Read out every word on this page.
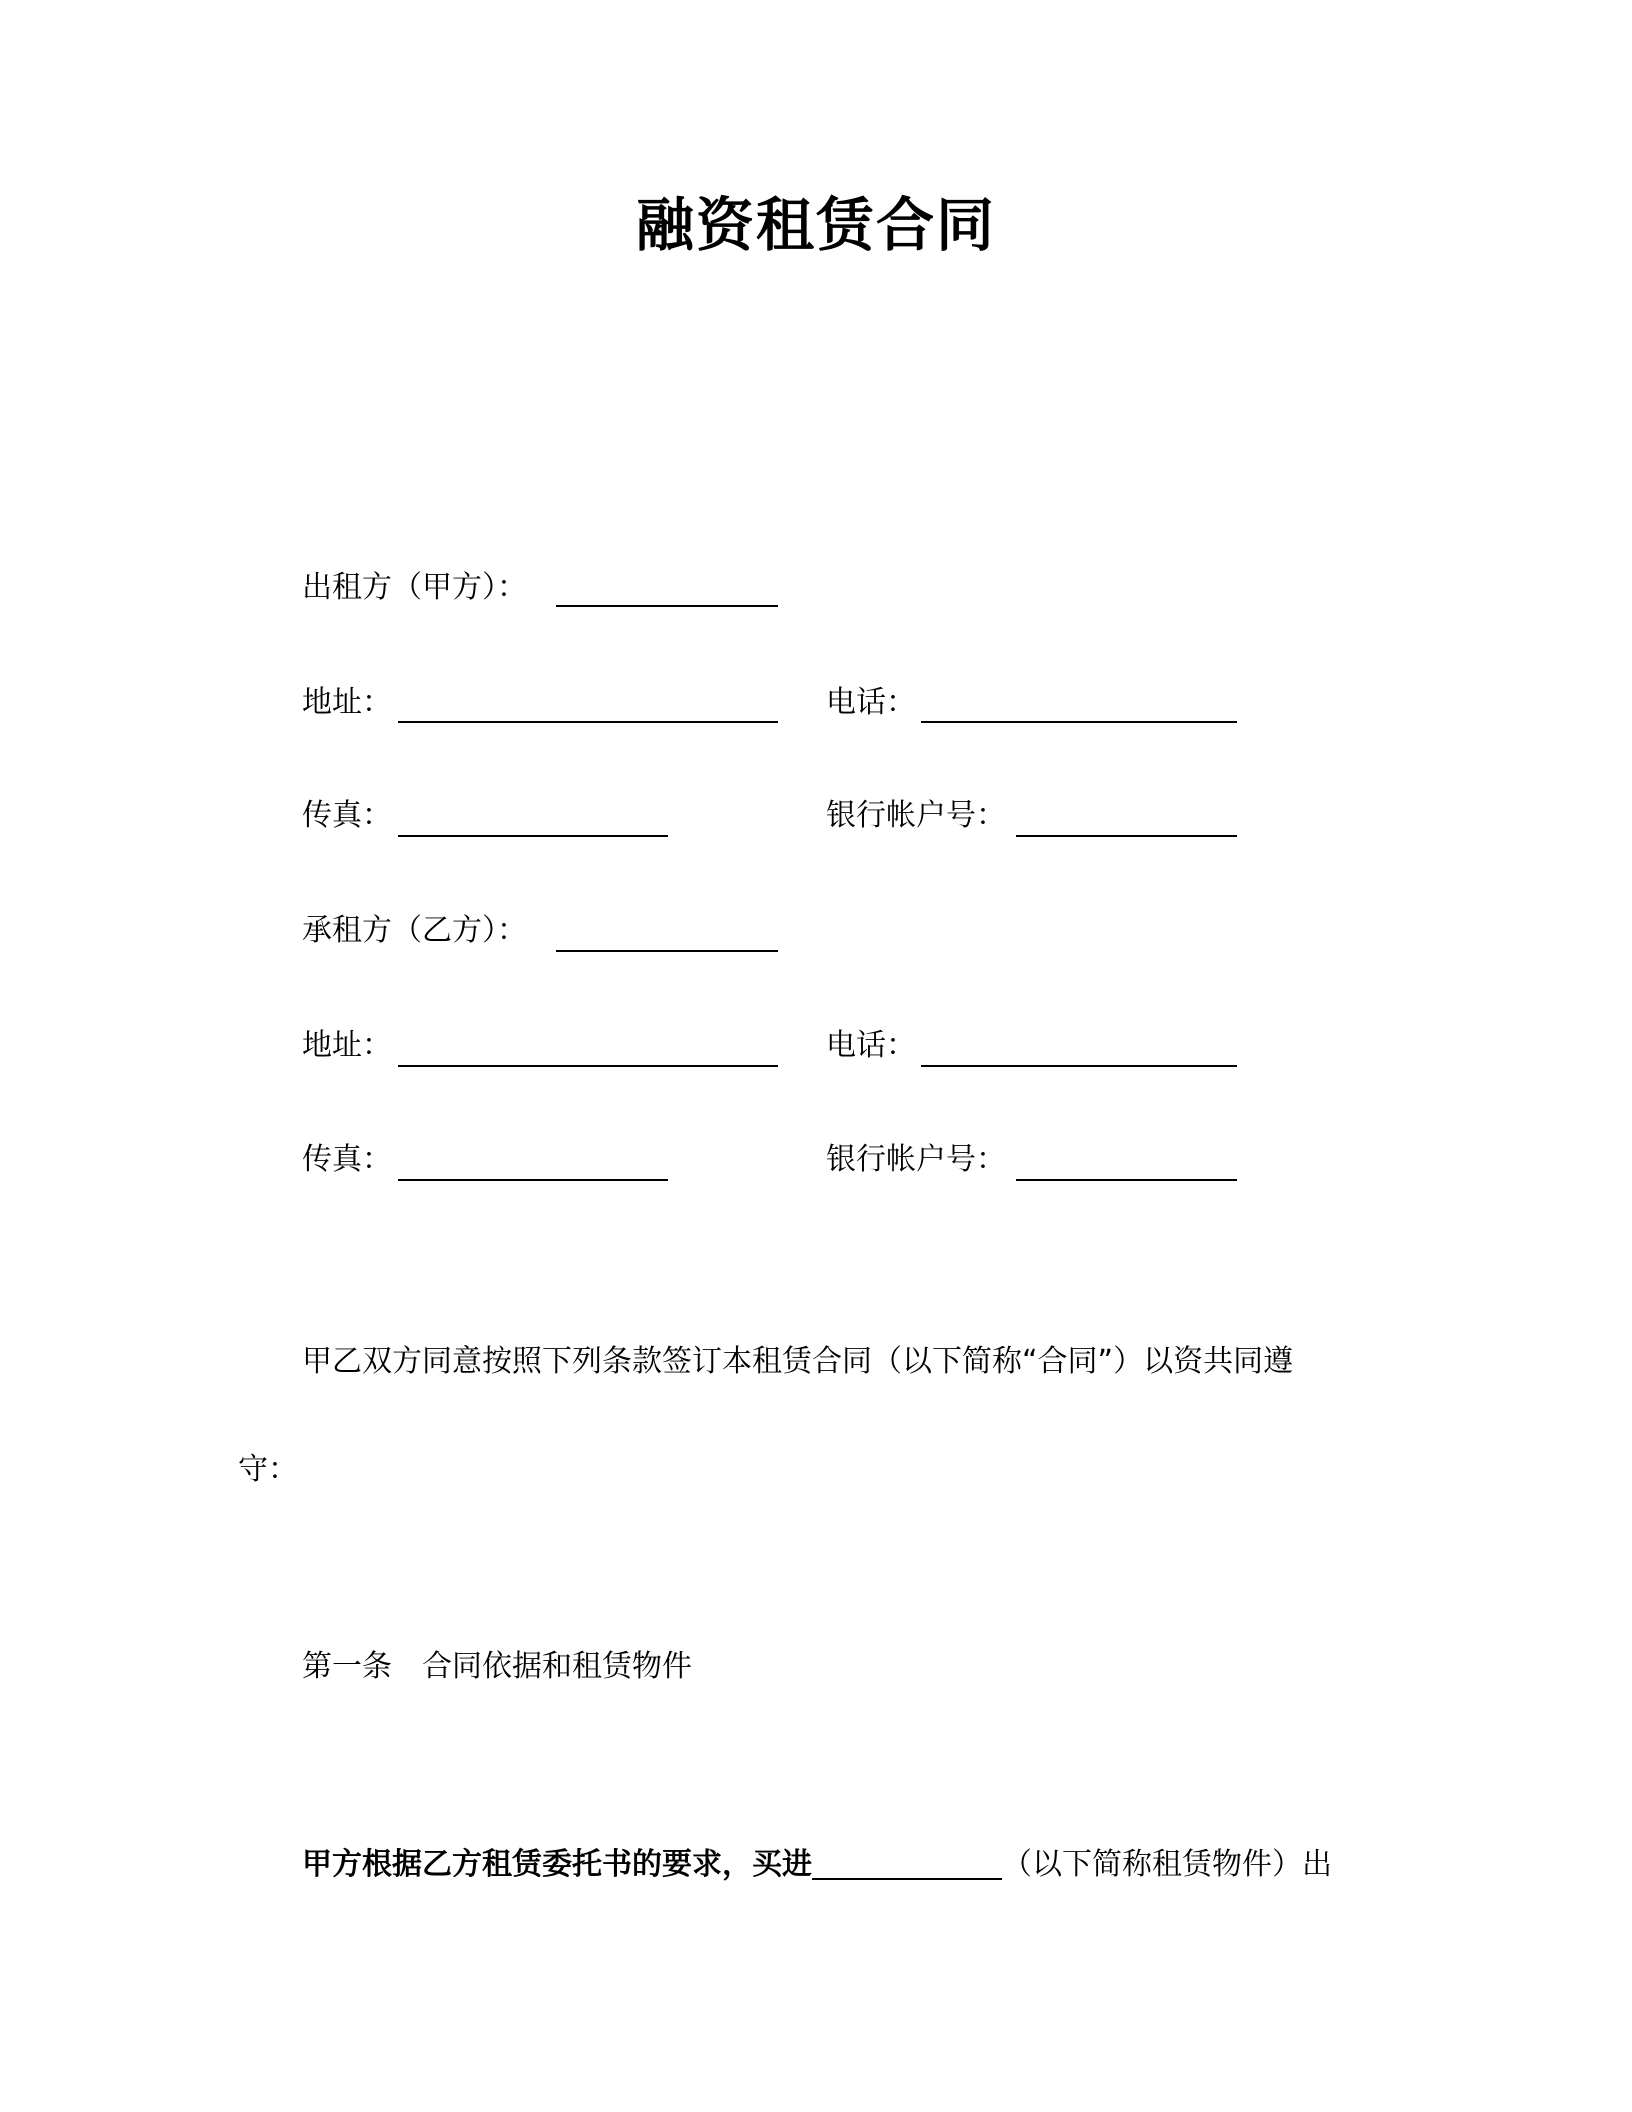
融资租赁合同
出租方（甲方）：
地址：	电话：
传真：	银行帐户号：
承租方（乙方）：
地址：	电话：
传真：	银行帐户号：
甲乙双方同意按照下列条款签订本租赁合同（以下简称“合同”）以资共同遵
守：
第一条　合同依据和租赁物件
甲方根据乙方租赁委托书的要求，买进	（以下简称租赁物件）出
